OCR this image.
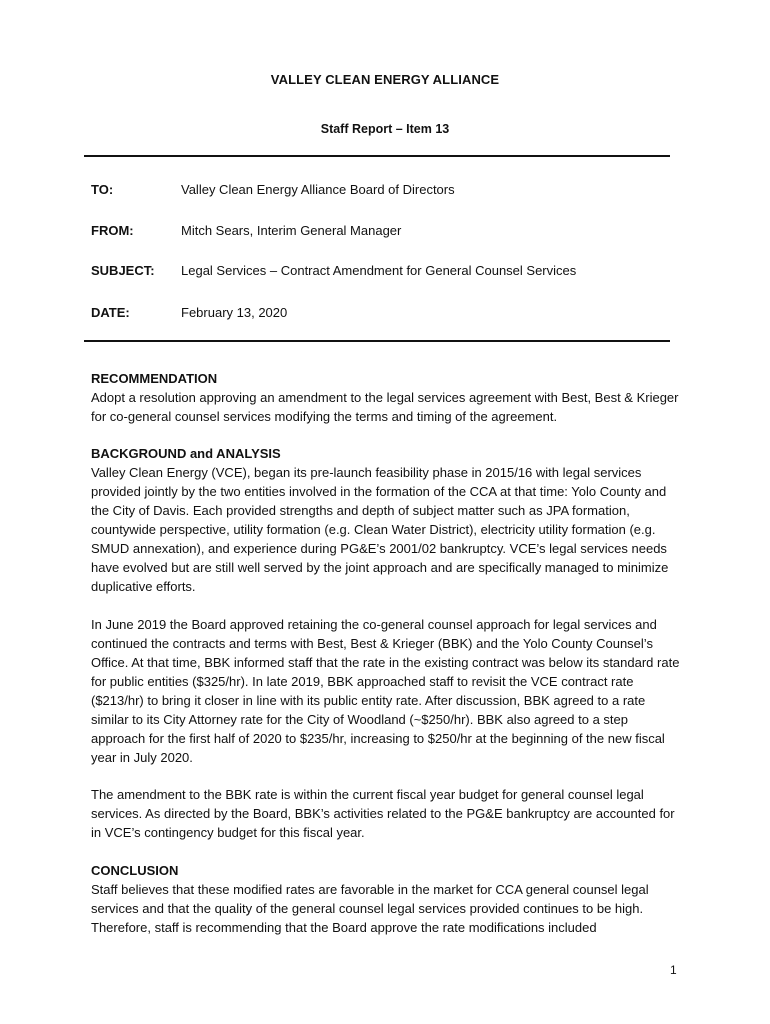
VALLEY CLEAN ENERGY ALLIANCE
Staff Report – Item 13
TO:	Valley Clean Energy Alliance Board of Directors
FROM:	Mitch Sears, Interim General Manager
SUBJECT: Legal Services – Contract Amendment for General Counsel Services
DATE:	February 13, 2020
RECOMMENDATION

Adopt a resolution approving an amendment to the legal services agreement with Best, Best & Krieger for co-general counsel services modifying the terms and timing of the agreement.

BACKGROUND and ANALYSIS

Valley Clean Energy (VCE), began its pre-launch feasibility phase in 2015/16 with legal services provided jointly by the two entities involved in the formation of the CCA at that time: Yolo County and the City of Davis. Each provided strengths and depth of subject matter such as JPA formation, countywide perspective, utility formation (e.g. Clean Water District), electricity utility formation (e.g. SMUD annexation), and experience during PG&E’s 2001/02 bankruptcy. VCE’s legal services needs have evolved but are still well served by the joint approach and are specifically managed to minimize duplicative efforts.

In June 2019 the Board approved retaining the co-general counsel approach for legal services and continued the contracts and terms with Best, Best & Krieger (BBK) and the Yolo County Counsel’s Office. At that time, BBK informed staff that the rate in the existing contract was below its standard rate for public entities ($325/hr). In late 2019, BBK approached staff to revisit the VCE contract rate ($213/hr) to bring it closer in line with its public entity rate. After discussion, BBK agreed to a rate similar to its City Attorney rate for the City of Woodland (~$250/hr). BBK also agreed to a step approach for the first half of 2020 to $235/hr, increasing to $250/hr at the beginning of the new fiscal year in July 2020.

The amendment to the BBK rate is within the current fiscal year budget for general counsel legal services. As directed by the Board, BBK’s activities related to the PG&E bankruptcy are accounted for in VCE’s contingency budget for this fiscal year.

CONCLUSION

Staff believes that these modified rates are favorable in the market for CCA general counsel legal services and that the quality of the general counsel legal services provided continues to be high. Therefore, staff is recommending that the Board approve the rate modifications included

1
